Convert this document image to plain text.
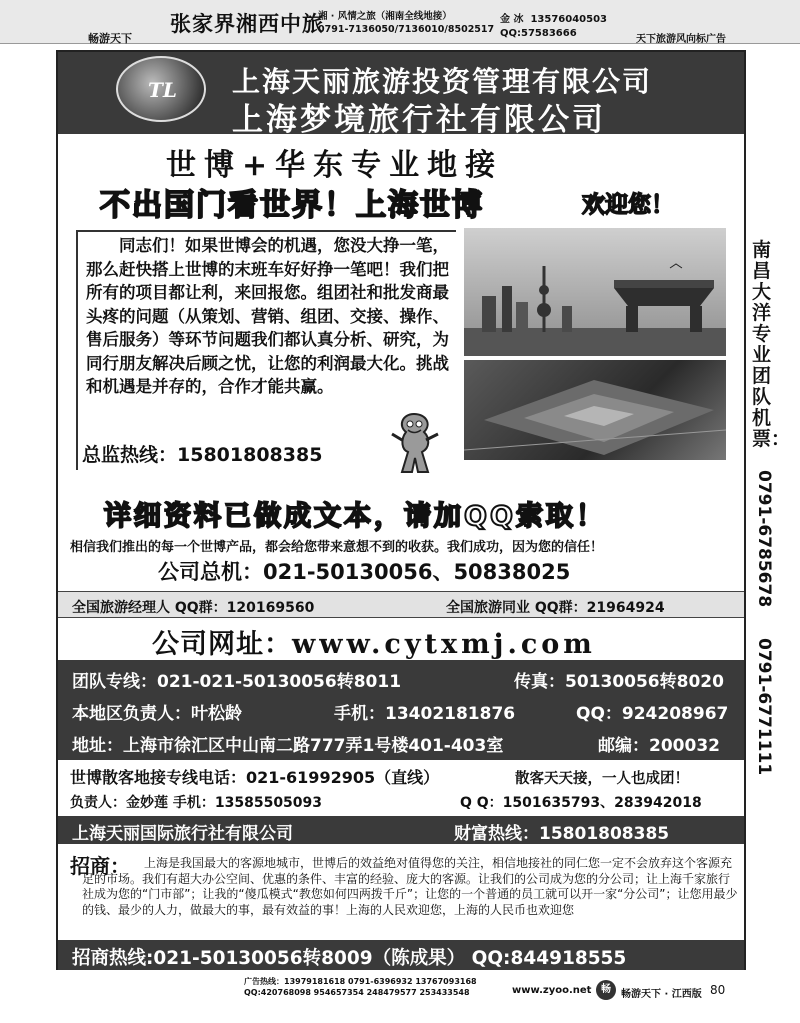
畅游天下
张家界湘西中旅
湘 · 风情之旅（湘南全线地接）
0791-7136050/7136010/8502517
金 冰 13576040503
QQ:57583666
天下旅游风向标广告
TL 上海天丽旅游投资管理有限公司
上海梦境旅行社有限公司
世博+华东专业地接
不出国门看世界！上海世博	欢迎您！
同志们！如果世博会的机遇，您没大挣一笔，那么赶快搭上世博的末班车好好挣一笔吧！我们把所有的项目都让利，来回报您。组团社和批发商最头疼的问题（从策划、营销、组团、交接、操作、售后服务）等环节问题我们都认真分析、研究，为同行朋友解决后顾之忧，让您的利润最大化。挑战和机遇是并存的，合作才能共赢。
总监热线：15801808385
详细资料已做成文本，请加QQ索取！
相信我们推出的每一个世博产品，都会给您带来意想不到的收获。我们成功，因为您的信任！
公司总机：021-50130056、50838025
全国旅游经理人 QQ群：120169560	全国旅游同业 QQ群：21964924
公司网址：www.cytxmj.com
团队专线：021-021-50130056转8011	传真：50130056转8020
本地区负责人：叶松龄	手机：13402181876	QQ：924208967
地址：上海市徐汇区中山南二路777弄1号楼401-403室	邮编：200032
世博散客地接专线电话：021-61992905（直线）	散客天天接，一人也成团！
负责人：金妙莲 手机：13585505093	Q Q：1501635793、283942018
上海天丽国际旅行社有限公司	财富热线：15801808385
招商：	上海是我国最大的客源地城市，世博后的效益绝对值得您的关注，相信地接社的同仁您一定不会放弃这个客源充足的市场。我们有超大办公空间、优惠的条件、丰富的经验、庞大的客源。让我们的公司成为您的分公司；让上海千家旅行社成为您的“门市部”；让我的“傻瓜模式“教您如何四两拨千斤”；让您的一个普通的员工就可以开一家“分公司”；让您用最少的钱、最少的人力，做最大的事，最有效益的事！上海的人民欢迎您，上海的人民币也欢迎您
招商热线:021-50130056转8009（陈成果） QQ:844918555
南昌大洋专业团队机票：
0791-6785678
0791-6771111
广告热线：13979181618 0791-6396932 13767093168
QQ:420768098 954657354 248479577 253433548	www.zyoo.net 畅	畅游天下 · 江西版 80
